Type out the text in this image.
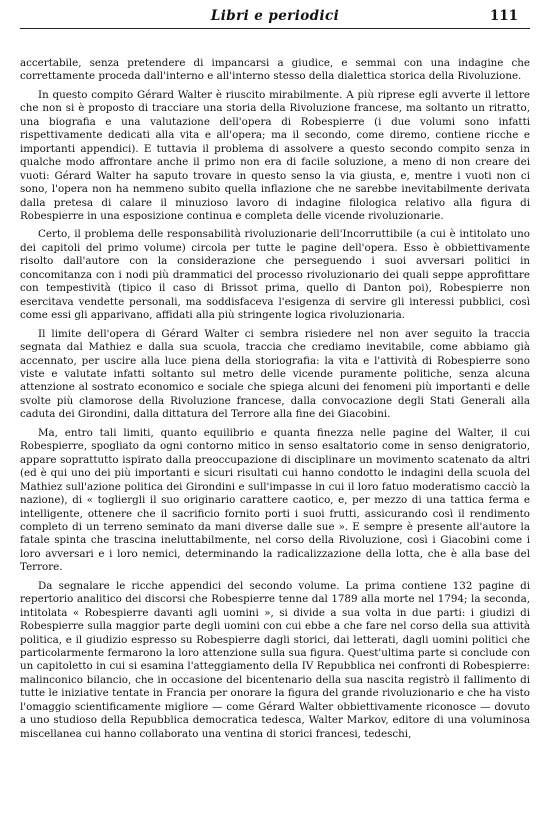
Libri e periodici	111

accertabile, senza pretendere di impancarsi a giudice, e semmai con una indagine che correttamente proceda dall'interno e all'interno stesso della dialettica storica della Rivoluzione.

In questo compito Gérard Walter è riuscito mirabilmente. A più riprese egli avverte il lettore che non si è proposto di tracciare una storia della Rivoluzione francese, ma soltanto un ritratto, una biografia e una valutazione dell'opera di Robespierre (i due volumi sono infatti rispettivamente dedicati alla vita e all'opera; ma il secondo, come diremo, contiene ricche e importanti appendici). E tuttavia il problema di assolvere a questo secondo compito senza in qualche modo affrontare anche il primo non era di facile soluzione, a meno di non creare dei vuoti: Gérard Walter ha saputo trovare in questo senso la via giusta, e, mentre i vuoti non ci sono, l'opera non ha nemmeno subito quella inflazione che ne sarebbe inevitabilmente derivata dalla pretesa di calare il minuzioso lavoro di indagine filologica relativo alla figura di Robespierre in una esposizione continua e completa delle vicende rivoluzionarie.

Certo, il problema delle responsabilità rivoluzionarie dell'Incorruttibile (a cui è intitolato uno dei capitoli del primo volume) circola per tutte le pagine dell'opera. Esso è obbiettivamente risolto dall'autore con la considerazione che perseguendo i suoi avversari politici in concomitanza con i nodi più drammatici del processo rivoluzionario dei quali seppe approfittare con tempestività (tipico il caso di Brissot prima, quello di Danton poi), Robespierre non esercitava vendette personali, ma soddisfaceva l'esigenza di servire gli interessi pubblici, così come essi gli apparivano, affidati alla più stringente logica rivoluzionaria.

Il limite dell'opera di Gérard Walter ci sembra risiedere nel non aver seguito la traccia segnata dal Mathiez e dalla sua scuola, traccia che crediamo inevitabile, come abbiamo già accennato, per uscire alla luce piena della storiografia: la vita e l'attività di Robespierre sono viste e valutate infatti soltanto sul metro delle vicende puramente politiche, senza alcuna attenzione al sostrato economico e sociale che spiega alcuni dei fenomeni più importanti e delle svolte più clamorose della Rivoluzione francese, dalla convocazione degli Stati Generali alla caduta dei Girondini, dalla dittatura del Terrore alla fine dei Giacobini.

Ma, entro tali limiti, quanto equilibrio e quanta finezza nelle pagine del Walter, il cui Robespierre, spogliato da ogni contorno mitico in senso esaltatorio come in senso denigratorio, appare soprattutto ispirato dalla preoccupazione di disciplinare un movimento scatenato da altri (ed è qui uno dei più importanti e sicuri risultati cui hanno condotto le indagini della scuola del Mathiez sull'azione politica dei Girondini e sull'impasse in cui il loro fatuo moderatismo cacciò la nazione), di « togliergli il suo originario carattere caotico, e, per mezzo di una tattica ferma e intelligente, ottenere che il sacrificio fornito porti i suoi frutti, assicurando così il rendimento completo di un terreno seminato da mani diverse dalle sue ». E sempre è presente all'autore la fatale spinta che trascina ineluttabilmente, nel corso della Rivoluzione, così i Giacobini come i loro avversari e i loro nemici, determinando la radicalizzazione della lotta, che è alla base del Terrore.

Da segnalare le ricche appendici del secondo volume. La prima contiene 132 pagine di repertorio analitico dei discorsi che Robespierre tenne dal 1789 alla morte nel 1794; la seconda, intitolata « Robespierre davanti agli uomini », si divide a sua volta in due parti: i giudizi di Robespierre sulla maggior parte degli uomini con cui ebbe a che fare nel corso della sua attività politica, e il giudizio espresso su Robespierre dagli storici, dai letterati, dagli uomini politici che particolarmente fermarono la loro attenzione sulla sua figura. Quest'ultima parte si conclude con un capitoletto in cui si esamina l'atteggiamento della IV Repubblica nei confronti di Robespierre: malinconico bilancio, che in occasione del bicentenario della sua nascita registrò il fallimento di tutte le iniziative tentate in Francia per onorare la figura del grande rivoluzionario e che ha visto l'omaggio scientificamente migliore — come Gérard Walter obbiettivamente riconosce — dovuto a uno studioso della Repubblica democratica tedesca, Walter Markov, editore di una voluminosa miscellanea cui hanno collaborato una ventina di storici francesi, tedeschi,
